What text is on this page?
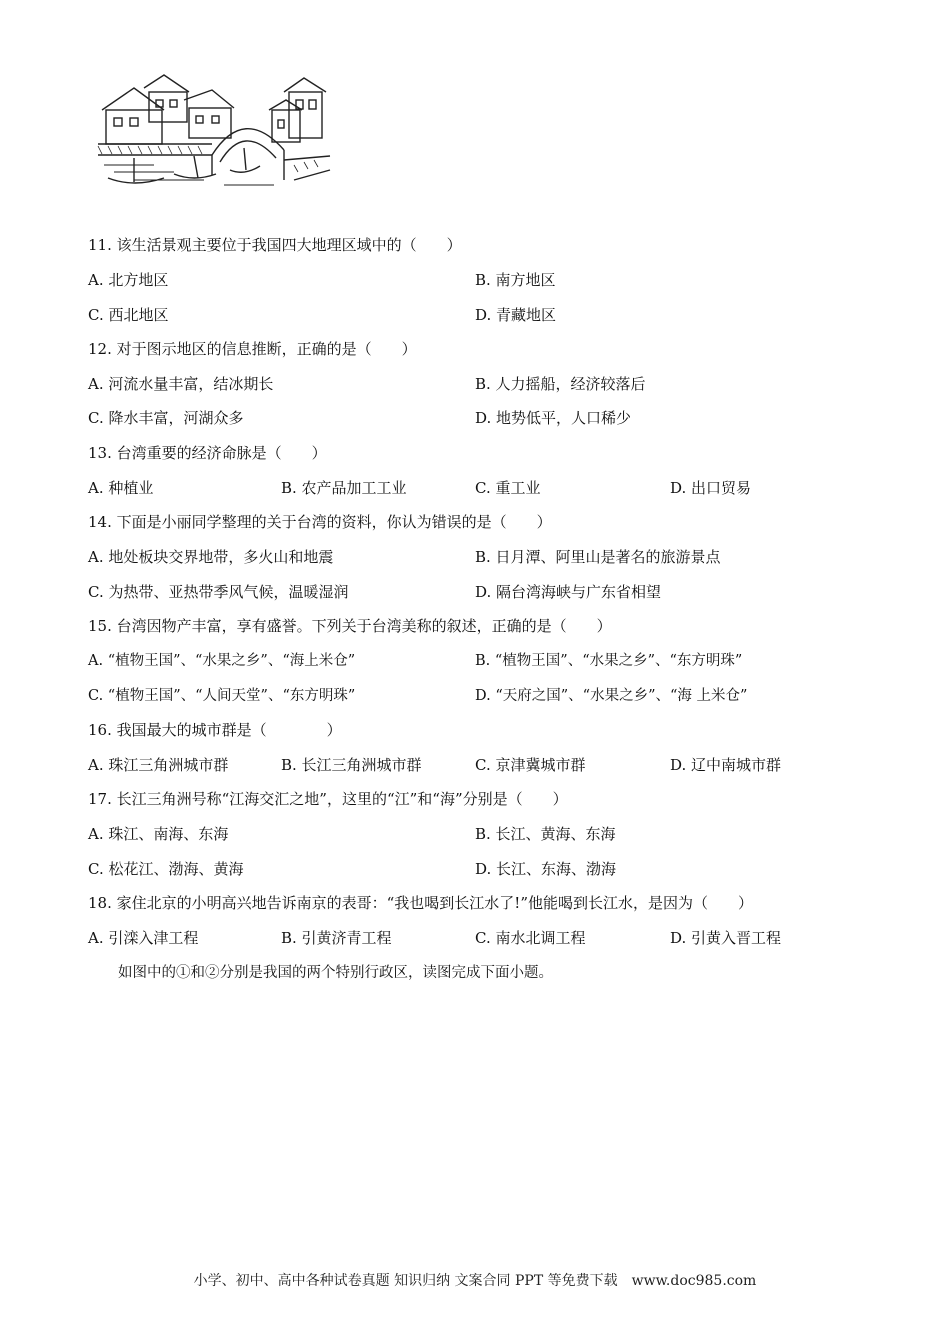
11. 该生活景观主要位于我国四大地理区域中的（　　）
A. 北方地区	B. 南方地区
C. 西北地区	D. 青藏地区
12. 对于图示地区的信息推断，正确的是（　　）
A. 河流水量丰富，结冰期长	B. 人力摇船，经济较落后
C. 降水丰富，河湖众多	D. 地势低平，人口稀少
13. 台湾重要的经济命脉是（　　）
A. 种植业	B. 农产品加工工业	C. 重工业	D. 出口贸易
14. 下面是小丽同学整理的关于台湾的资料，你认为错误的是（　　）
A. 地处板块交界地带，多火山和地震	B. 日月潭、阿里山是著名的旅游景点
C. 为热带、亚热带季风气候，温暖湿润	D. 隔台湾海峡与广东省相望
15. 台湾因物产丰富，享有盛誉。下列关于台湾美称的叙述，正确的是（　　）
A. “植物王国”、“水果之乡”、“海上米仓”	B. “植物王国”、“水果之乡”、“东方明珠”
C. “植物王国”、“人间天堂”、“东方明珠”	D. “天府之国”、“水果之乡”、“海 上米仓”
16. 我国最大的城市群是（　　　　）
A. 珠江三角洲城市群	B. 长江三角洲城市群	C. 京津冀城市群	D. 辽中南城市群
17. 长江三角洲号称“江海交汇之地”，这里的“江”和“海”分别是（　　）
A. 珠江、南海、东海	B. 长江、黄海、东海
C. 松花江、渤海、黄海	D. 长江、东海、渤海
18. 家住北京的小明高兴地告诉南京的表哥：“我也喝到长江水了!”他能喝到长江水，是因为（　　）
A. 引滦入津工程	B. 引黄济青工程	C. 南水北调工程	D. 引黄入晋工程
如图中的①和②分别是我国的两个特别行政区，读图完成下面小题。
小学、初中、高中各种试卷真题 知识归纳 文案合同 PPT 等免费下载　www.doc985.com
